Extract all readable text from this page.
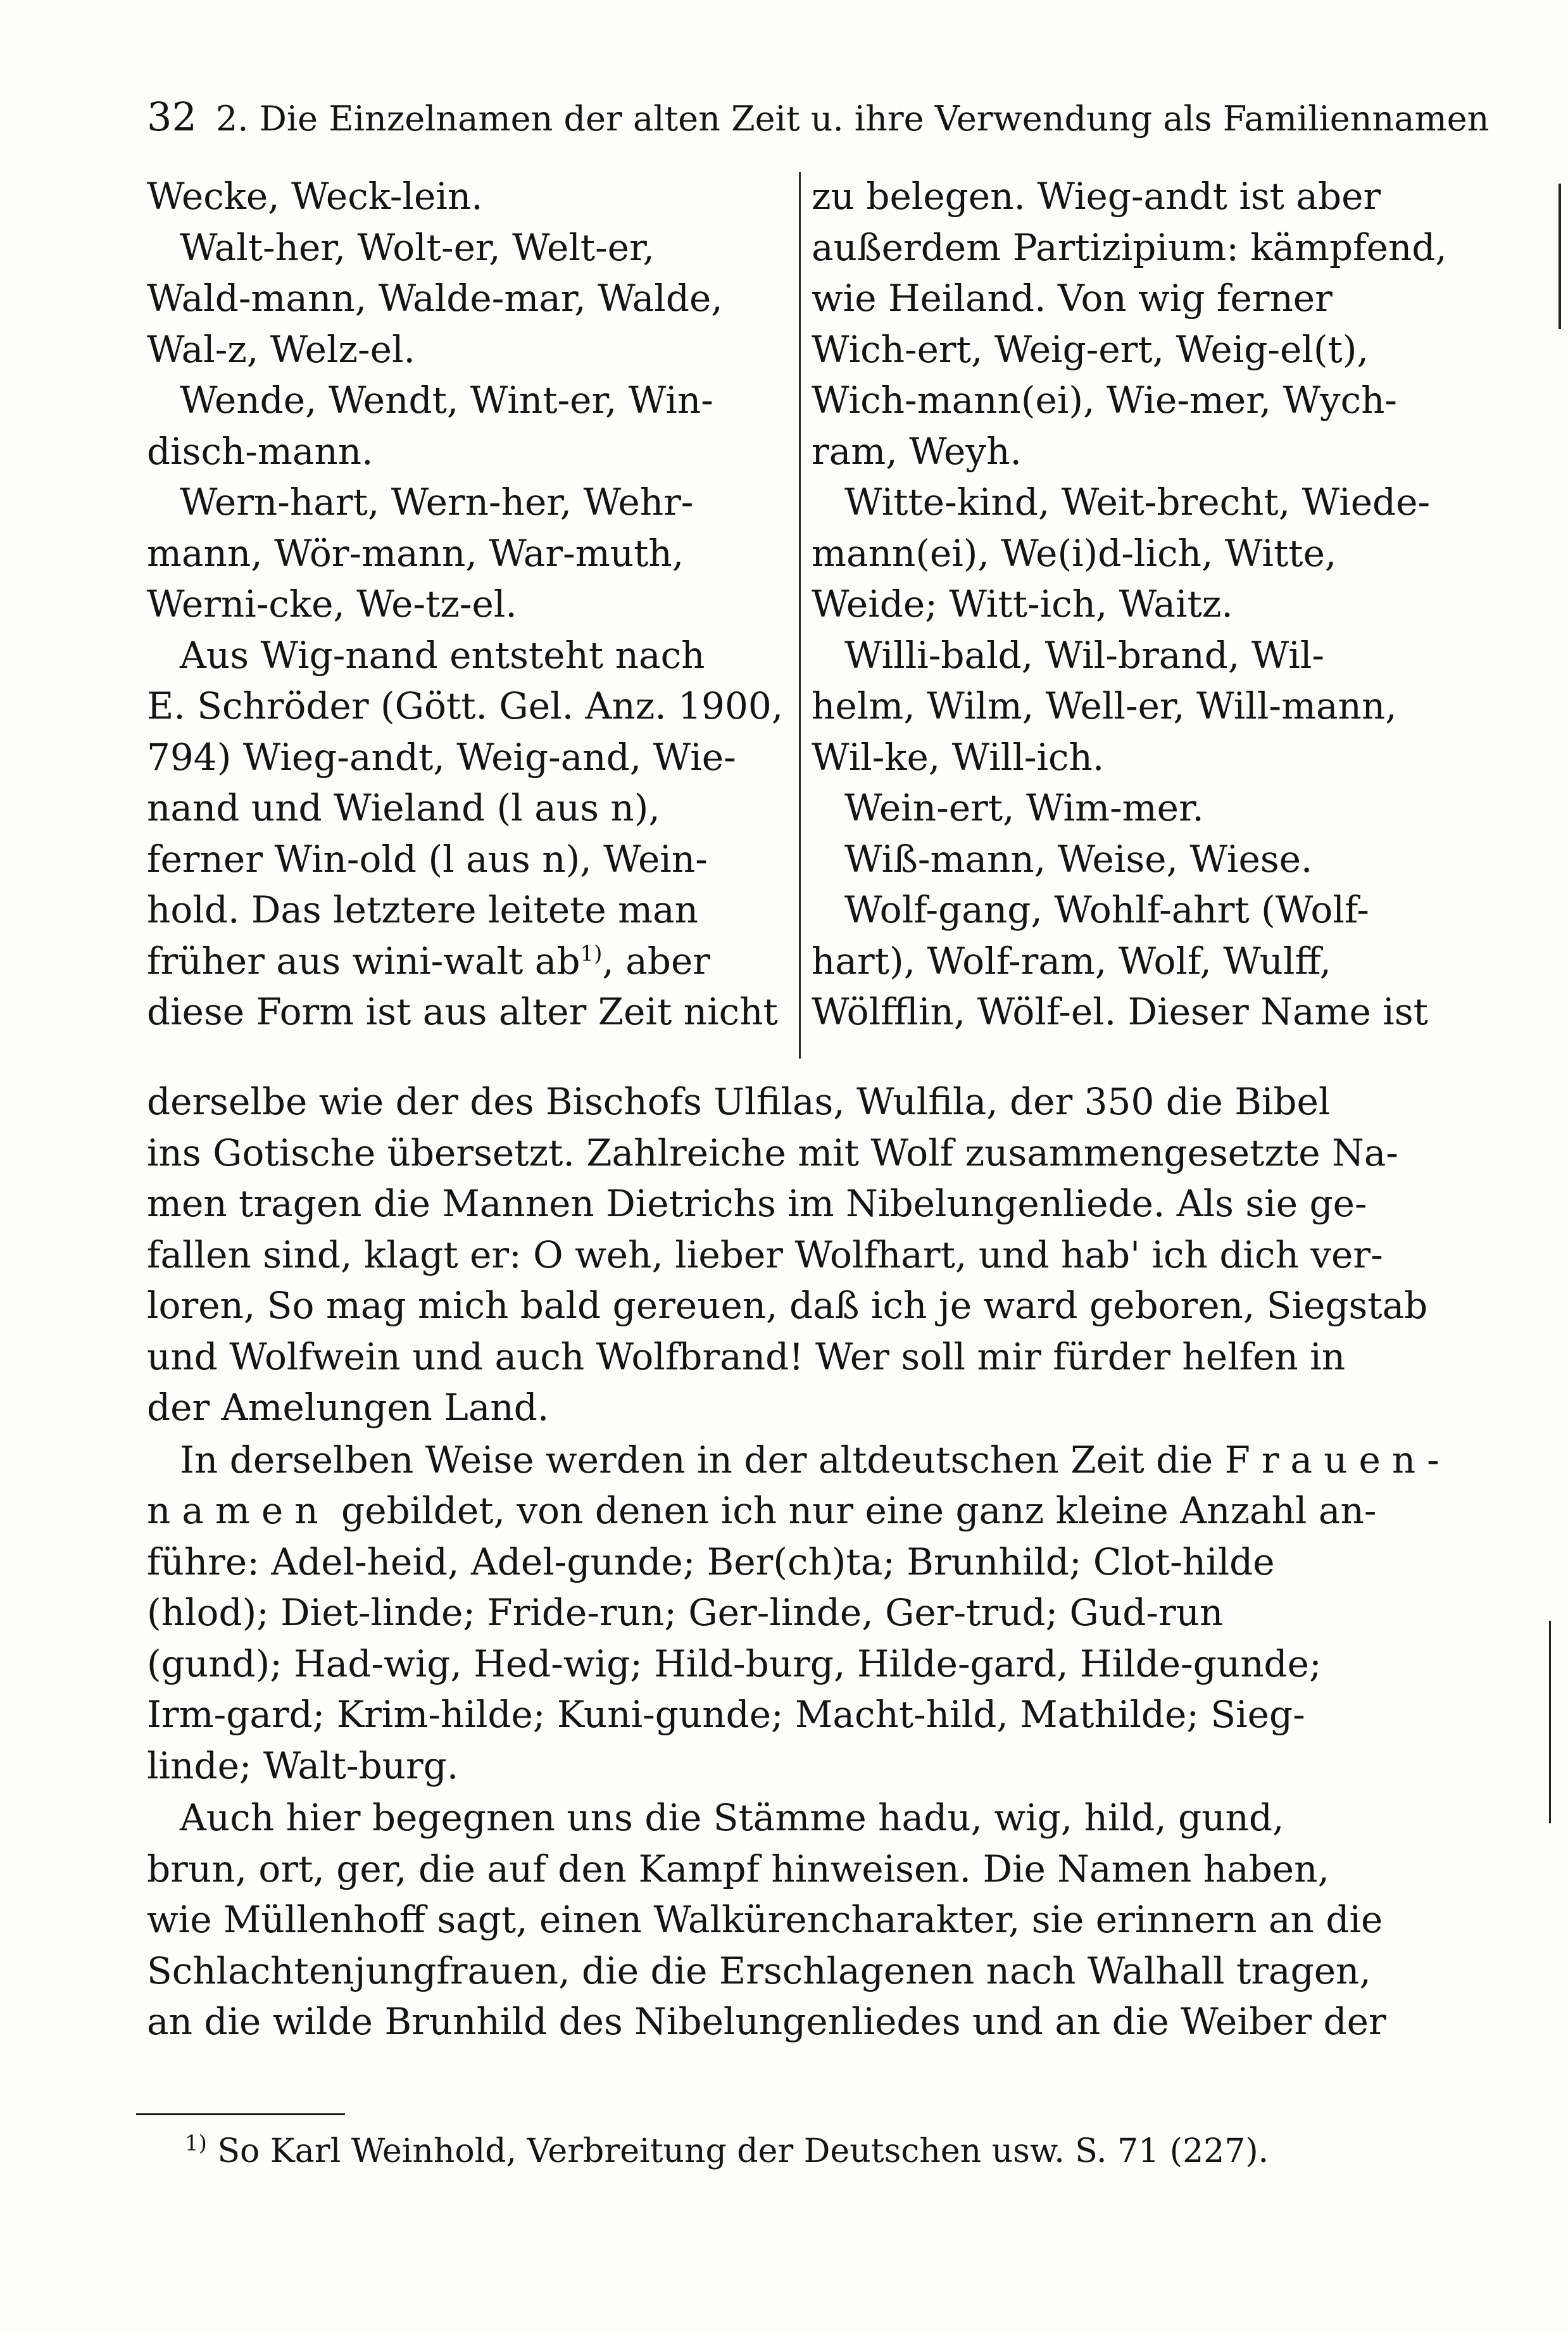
32 2. Die Einzelnamen der alten Zeit u. ihre Verwendung als Familiennamen
Wecke, Weck-lein.
Walt-her, Wolt-er, Welt-er,
Wald-mann, Walde-mar, Walde,
Wal-z, Welz-el.
Wende, Wendt, Wint-er, Win-
disch-mann.
Wern-hart, Wern-her, Wehr-
mann, Wör-mann, War-muth,
Werni-cke, We-tz-el.
Aus Wig-nand entsteht nach
E. Schröder (Gött. Gel. Anz. 1900,
794) Wieg-andt, Weig-and, Wie-
nand und Wieland (l aus n),
ferner Win-old (l aus n), Wein-
hold. Das letztere leitete man
früher aus wini-walt $ab^{1)}$, aber
diese Form ist aus alter Zeit nicht
zu belegen. Wieg-andt ist aber
außerdem Partizipium: kämpfend,
wie Heiland. Von wig ferner
Wich-ert, Weig-ert, Weig-el(t),
Wich-mann(ei), Wie-mer, Wych-
ram, Weyh.
Witte-kind, Weit-brecht, Wiede-
mann(ei), We(i)d-lich, Witte,
Weide; Witt-ich, Waitz.
Willi-bald, Wil-brand, Wil-
helm, Wilm, Well-er, Will-mann,
Wil-ke, Will-ich.
Wein-ert, Wim-mer.
Wiß-mann, Weise, Wiese.
Wolf-gang, Wohlf-ahrt (Wolf-
hart), Wolf-ram, Wolf, Wulff,
Wölfflin, Wölf-el. Dieser Name ist
derselbe wie der des Bischofs Ulfilas, Wulfila, der 350 die Bibel
ins Gotische übersetzt. Zahlreiche mit Wolf zusammengesetzte Na-
men tragen die Mannen Dietrichs im Nibelungenliede. Als sie ge-
fallen sind, klagt er: O weh, lieber Wolfhart, und hab' ich dich ver-
loren, So mag mich bald gereuen, daß ich je ward geboren, Siegstab
und Wolfwein und auch Wolfbrand! Wer soll mir fürder helfen in
der Amelungen Land.
In derselben Weise werden in der altdeutschen Zeit die Frauen-
namen gebildet, von denen ich nur eine ganz kleine Anzahl an-
führe: Adel-heid, Adel-gunde; Ber(ch)ta; Brunhild; Clot-hilde
(hlod); Diet-linde; Fride-run; Ger-linde, Ger-trud; Gud-run
(gund); Had-wig, Hed-wig; Hild-burg, Hilde-gard, Hilde-gunde;
Irm-gard; Krim-hilde; Kuni-gunde; Macht-hild, Mathilde; Sieg-
linde; Walt-burg.
Auch hier begegnen uns die Stämme hadu, wig, hild, gund,
brun, ort, ger, die auf den Kampf hinweisen. Die Namen haben,
wie Müllenhoff sagt, einen Walkürencharakter, sie erinnern an die
Schlachtenjungfrauen, die die Erschlagenen nach Walhall tragen,
an die wilde Brunhild des Nibelungenliedes und an die Weiber der
$^{1)}$ So Karl Weinhold, Verbreitung der Deutschen usw. S. 71 (227).
